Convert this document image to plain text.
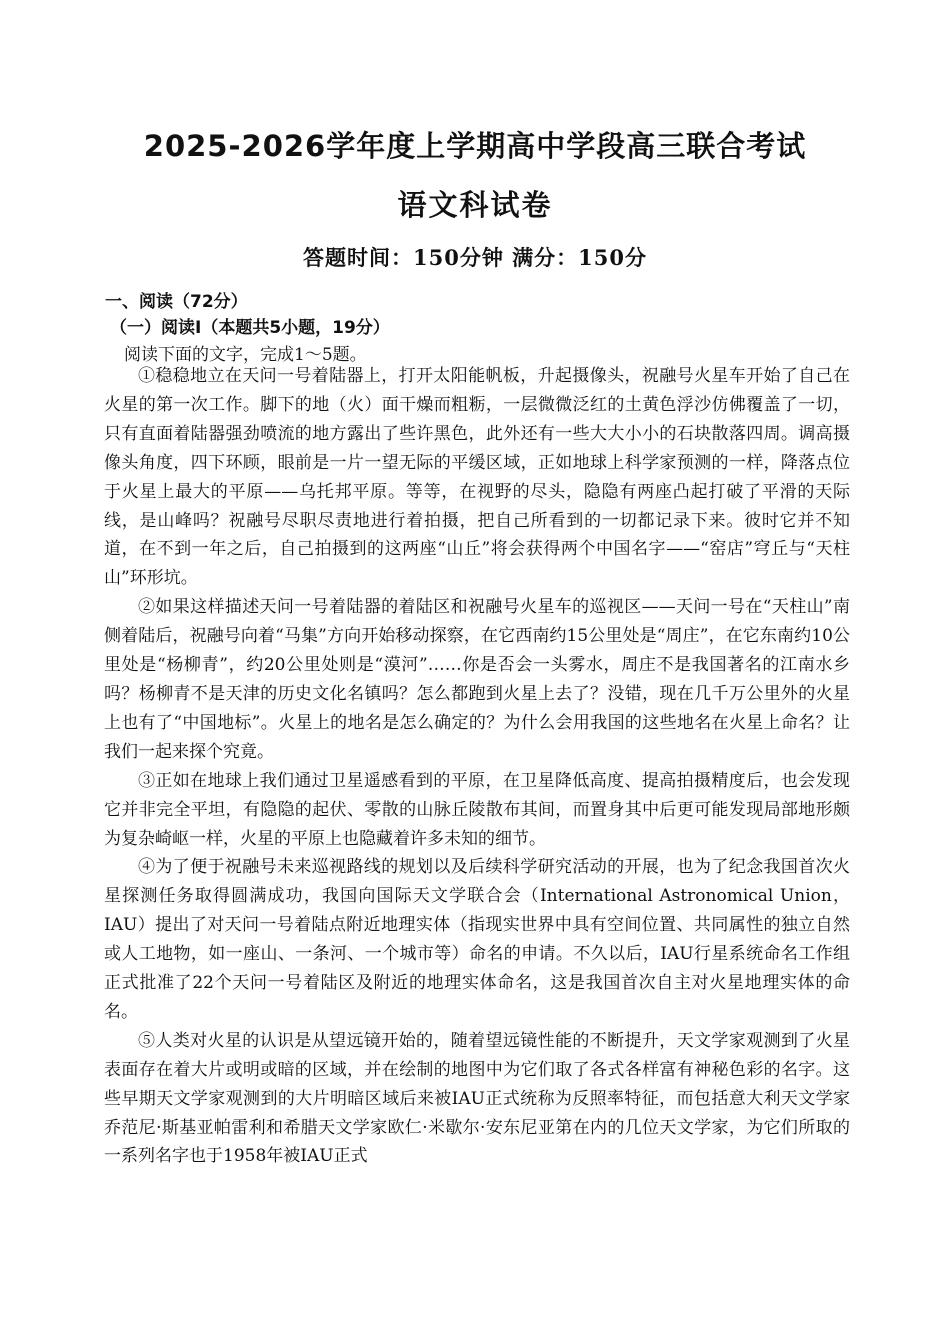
2025-2026学年度上学期高中学段高三联合考试
语文科试卷
答题时间：150分钟 满分：150分
一、阅读（72分）
（一）阅读I（本题共5小题，19分）
阅读下面的文字，完成1～5题。

①稳稳地立在天问一号着陆器上，打开太阳能帆板，升起摄像头，祝融号火星车开始了自己在火星的第一次工作。脚下的地（火）面干燥而粗粝，一层微微泛红的土黄色浮沙仿佛覆盖了一切，只有直面着陆器强劲喷流的地方露出了些许黑色，此外还有一些大大小小的石块散落四周。调高摄像头角度，四下环顾，眼前是一片一望无际的平缓区域，正如地球上科学家预测的一样，降落点位于火星上最大的平原——乌托邦平原。等等，在视野的尽头，隐隐有两座凸起打破了平滑的天际线，是山峰吗？祝融号尽职尽责地进行着拍摄，把自己所看到的一切都记录下来。彼时它并不知道，在不到一年之后，自己拍摄到的这两座“山丘”将会获得两个中国名字——“窑店”穹丘与“天柱山”环形坑。

②如果这样描述天问一号着陆器的着陆区和祝融号火星车的巡视区——天问一号在“天柱山”南侧着陆后，祝融号向着“马集”方向开始移动探察，在它西南约15公里处是“周庄”，在它东南约10公里处是“杨柳青”，约20公里处则是“漠河”……你是否会一头雾水，周庄不是我国著名的江南水乡吗？杨柳青不是天津的历史文化名镇吗？怎么都跑到火星上去了？没错，现在几千万公里外的火星上也有了“中国地标”。火星上的地名是怎么确定的？为什么会用我国的这些地名在火星上命名？让我们一起来探个究竟。

③正如在地球上我们通过卫星遥感看到的平原，在卫星降低高度、提高拍摄精度后，也会发现它并非完全平坦，有隐隐的起伏、零散的山脉丘陵散布其间，而置身其中后更可能发现局部地形颇为复杂崎岖一样，火星的平原上也隐藏着许多未知的细节。

④为了便于祝融号未来巡视路线的规划以及后续科学研究活动的开展，也为了纪念我国首次火星探测任务取得圆满成功，我国向国际天文学联合会（International Astronomical Union，IAU）提出了对天问一号着陆点附近地理实体（指现实世界中具有空间位置、共同属性的独立自然或人工地物，如一座山、一条河、一个城市等）命名的申请。不久以后，IAU行星系统命名工作组正式批准了22个天问一号着陆区及附近的地理实体命名，这是我国首次自主对火星地理实体的命名。

⑤人类对火星的认识是从望远镜开始的，随着望远镜性能的不断提升，天文学家观测到了火星表面存在着大片或明或暗的区域，并在绘制的地图中为它们取了各式各样富有神秘色彩的名字。这些早期天文学家观测到的大片明暗区域后来被IAU正式统称为反照率特征，而包括意大利天文学家乔范尼·斯基亚帕雷利和希腊天文学家欧仁·米歇尔·安东尼亚第在内的几位天文学家，为它们所取的一系列名字也于1958年被IAU正式
